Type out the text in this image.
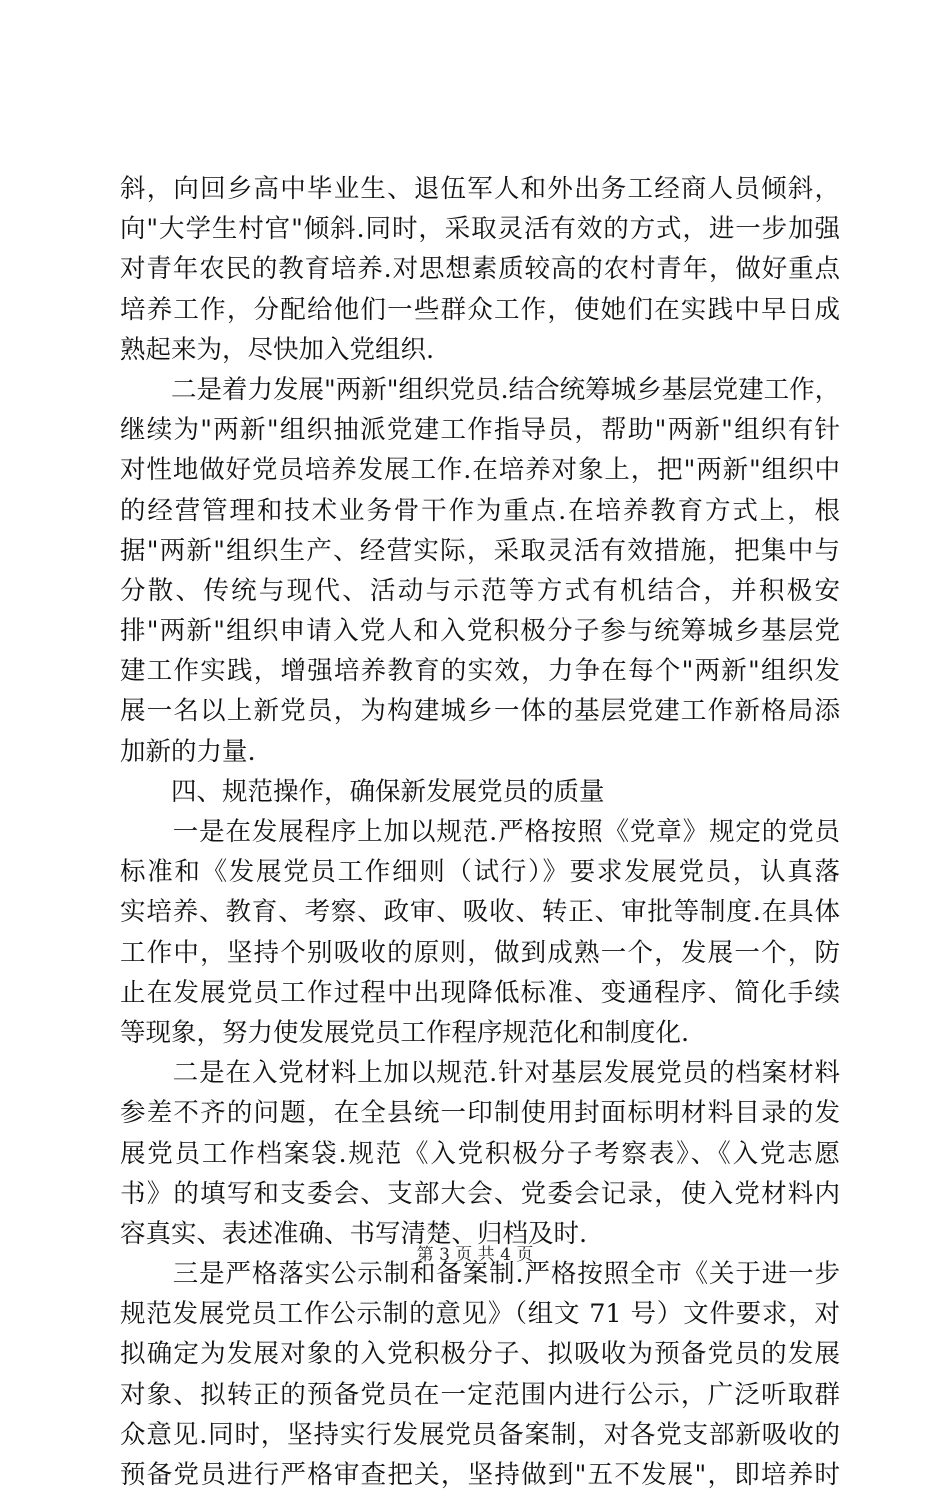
斜，向回乡高中毕业生、退伍军人和外出务工经商人员倾斜，
向"大学生村官"倾斜.同时，采取灵活有效的方式，进一步加强
对青年农民的教育培养.对思想素质较高的农村青年，做好重点
培养工作，分配给他们一些群众工作，使她们在实践中早日成
熟起来为，尽快加入党组织.
　　二是着力发展"两新"组织党员.结合统筹城乡基层党建工作，
继续为"两新"组织抽派党建工作指导员，帮助"两新"组织有针
对性地做好党员培养发展工作.在培养对象上，把"两新"组织中
的经营管理和技术业务骨干作为重点.在培养教育方式上，根
据"两新"组织生产、经营实际，采取灵活有效措施，把集中与
分散、传统与现代、活动与示范等方式有机结合，并积极安
排"两新"组织申请入党人和入党积极分子参与统筹城乡基层党
建工作实践，增强培养教育的实效，力争在每个"两新"组织发
展一名以上新党员，为构建城乡一体的基层党建工作新格局添
加新的力量.
　　四、规范操作，确保新发展党员的质量
　　一是在发展程序上加以规范.严格按照《党章》规定的党员
标准和《发展党员工作细则（试行）》要求发展党员，认真落
实培养、教育、考察、政审、吸收、转正、审批等制度.在具体
工作中，坚持个别吸收的原则，做到成熟一个，发展一个，防
止在发展党员工作过程中出现降低标准、变通程序、简化手续
等现象，努力使发展党员工作程序规范化和制度化.
　　二是在入党材料上加以规范.针对基层发展党员的档案材料
参差不齐的问题，在全县统一印制使用封面标明材料目录的发
展党员工作档案袋.规范《入党积极分子考察表》、《入党志愿
书》的填写和支委会、支部大会、党委会记录，使入党材料内
容真实、表述准确、书写清楚、归档及时.
　　三是严格落实公示制和备案制.严格按照全市《关于进一步
规范发展党员工作公示制的意见》（组文 71 号）文件要求，对
拟确定为发展对象的入党积极分子、拟吸收为预备党员的发展
对象、拟转正的预备党员在一定范围内进行公示，广泛听取群
众意见.同时，坚持实行发展党员备案制，对各党支部新吸收的
预备党员进行严格审查把关，坚持做到"五不发展"，即培养时
第 3 页 共 4 页
